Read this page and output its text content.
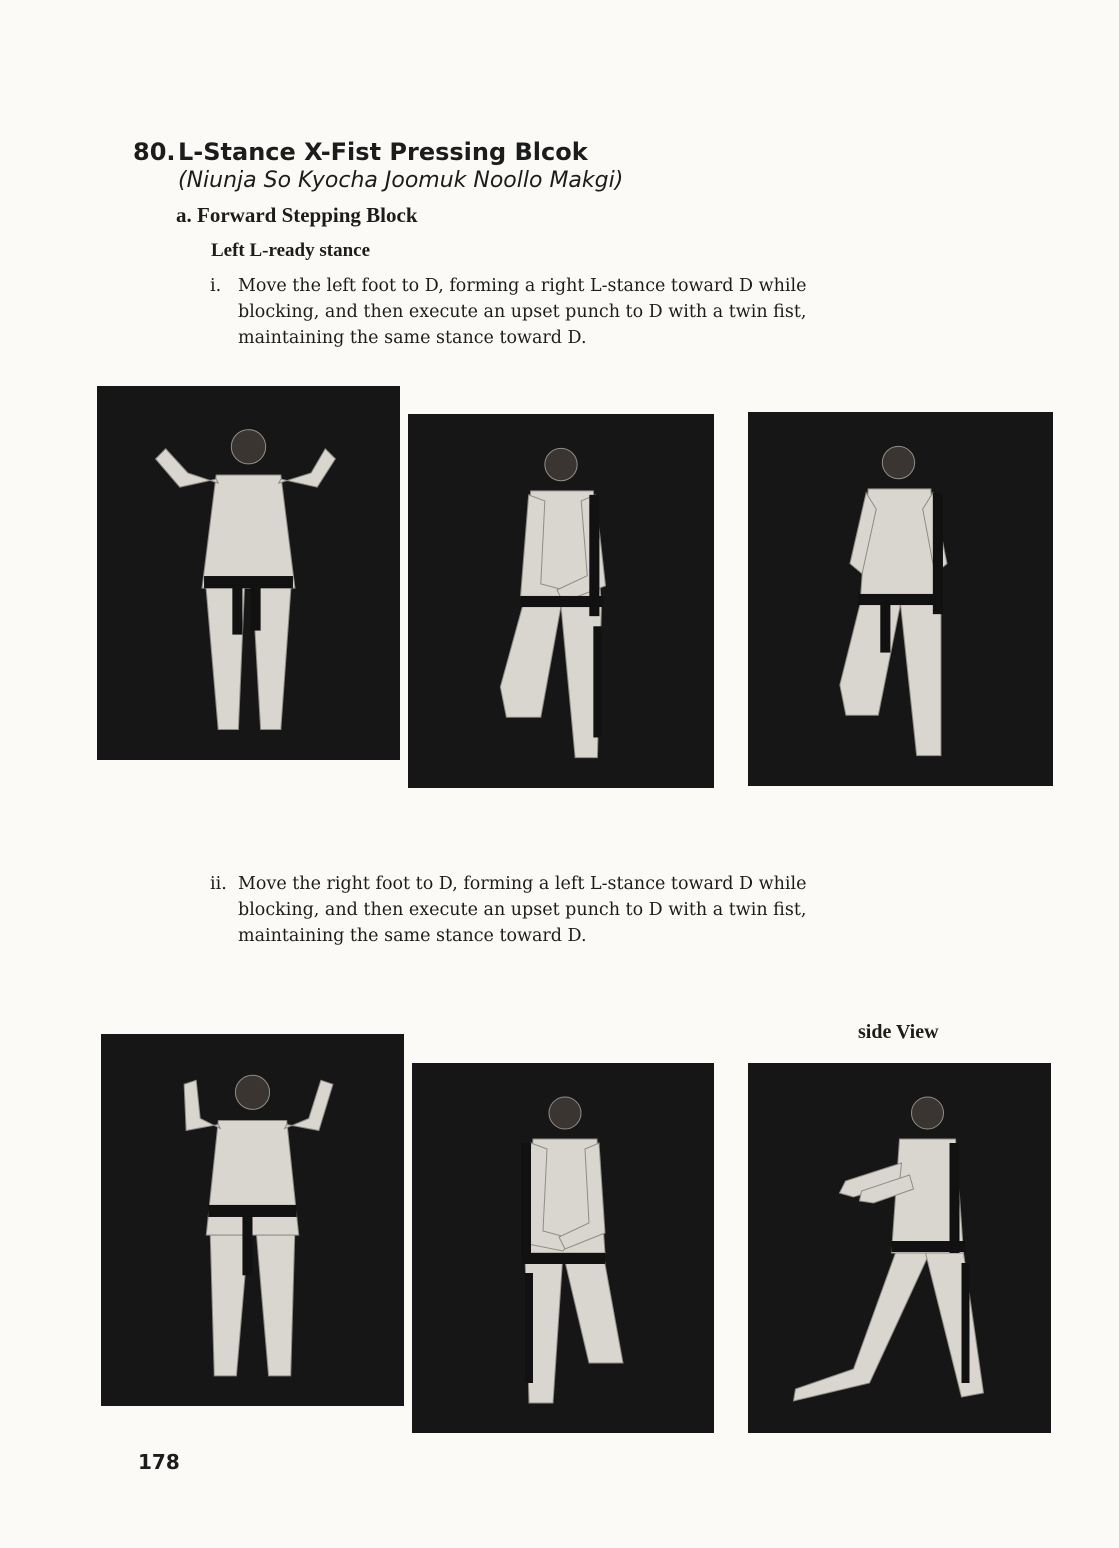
80. L-Stance X-Fist Pressing Blcok
(Niunja So Kyocha Joomuk Noollo Makgi)
a. Forward Stepping Block
Left L-ready stance
i. Move the left foot to D, forming a right L-stance toward D while
blocking, and then execute an upset punch to D with a twin fist,
maintaining the same stance toward D.
ii. Move the right foot to D, forming a left L-stance toward D while
blocking, and then execute an upset punch to D with a twin fist,
maintaining the same stance toward D.
side View
178
